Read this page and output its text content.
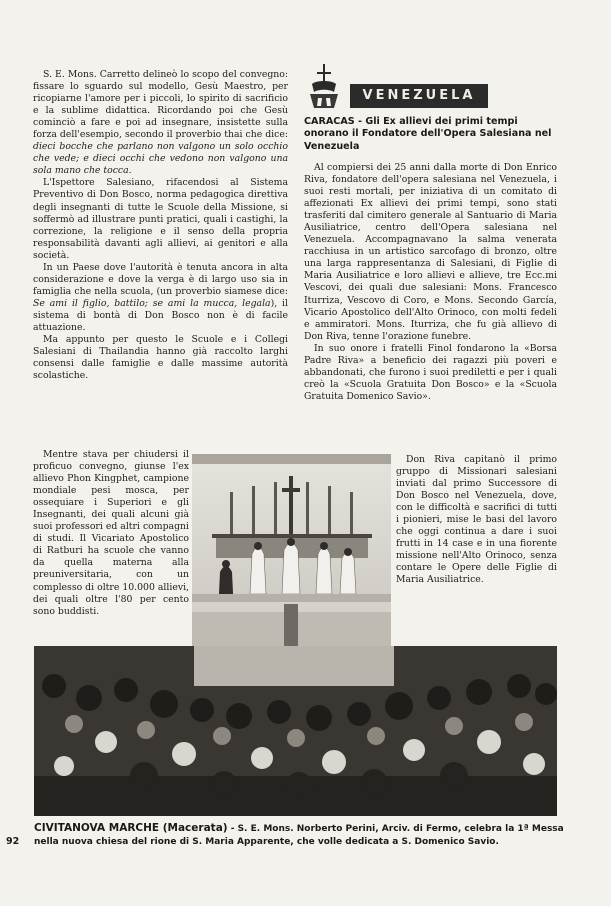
S. E. Mons. Carretto delineò lo scopo del convegno: fissare lo sguardo sul modello, Gesù Maestro, per ricopiarne l'amore per i piccoli, lo spirito di sacrificio e la sublime didattica. Ricordando poi che Gesù cominciò a fare e poi ad insegnare, insistette sulla forza dell'esempio, secondo il proverbio thai che dice: dieci bocche che parlano non valgono un solo occhio che vede; e dieci occhi che vedono non valgono una sola mano che tocca.

L'Ispettore Salesiano, rifacendosi al Sistema Preventivo di Don Bosco, norma pedagogica direttiva degli insegnanti di tutte le Scuole della Missione, si soffermò ad illustrare punti pratici, quali i castighi, la correzione, la religione e il senso della propria responsabilità davanti agli allievi, ai genitori e alla società.

In un Paese dove l'autorità è tenuta ancora in alta considerazione e dove la verga è di largo uso sia in famiglia che nella scuola, (un proverbio siamese dice: Se ami il figlio, battilo; se ami la mucca, legala), il sistema di bontà di Don Bosco non è di facile attuazione.

Ma appunto per questo le Scuole e i Collegi Salesiani di Thailandia hanno già raccolto larghi consensi dalle famiglie e dalle massime autorità scolastiche.

Mentre stava per chiudersi il proficuo convegno, giunse l'ex allievo Phon Kingphet, campione mondiale pesi mosca, per ossequiare i Superiori e gli Insegnanti, dei quali alcuni già suoi professori ed altri compagni di studi. Il Vicariato Apostolico di Ratburi ha scuole che vanno da quella materna alla preuniversitaria, con un complesso di oltre 10.000 allievi, dei quali oltre l'80 per cento sono buddisti.

VENEZUELA
CARACAS - Gli Ex allievi dei primi tempi onorano il Fondatore dell'Opera Salesiana nel Venezuela

Al compiersi dei 25 anni dalla morte di Don Enrico Riva, fondatore dell'opera salesiana nel Venezuela, i suoi resti mortali, per iniziativa di un comitato di affezionati Ex allievi dei primi tempi, sono stati trasferiti dal cimitero generale al Santuario di Maria Ausiliatrice, centro dell'Opera salesiana nel Venezuela. Accompagnavano la salma venerata racchiusa in un artistico sarcofago di bronzo, oltre una larga rappresentanza di Salesiani, di Figlie di Maria Ausiliatrice e loro allievi e allieve, tre Ecc.mi Vescovi, dei quali due salesiani: Mons. Francesco Iturriza, Vescovo di Coro, e Mons. Secondo García, Vicario Apostolico dell'Alto Orinoco, con molti fedeli e ammiratori. Mons. Iturriza, che fu già allievo di Don Riva, tenne l'orazione funebre.

In suo onore i fratelli Finol fondarono la «Borsa Padre Riva» a beneficio dei ragazzi più poveri e abbandonati, che furono i suoi prediletti e per i quali creò la «Scuola Gratuita Don Bosco» e la «Scuola Gratuita Domenico Savio».

Don Riva capitanò il primo gruppo di Missionari salesiani inviati dal primo Successore di Don Bosco nel Venezuela, dove, con le difficoltà e sacrifici di tutti i pionieri, mise le basi del lavoro che oggi continua a dare i suoi frutti in 14 case e in una fiorente missione nell'Alto Orinoco, senza contare le Opere delle Figlie di Maria Ausiliatrice.

CIVITANOVA MARCHE (Macerata) - S. E. Mons. Norberto Perini, Arciv. di Fermo, celebra la 1ª Messa nella nuova chiesa del rione di S. Maria Apparente, che volle dedicata a S. Domenico Savio.
92
